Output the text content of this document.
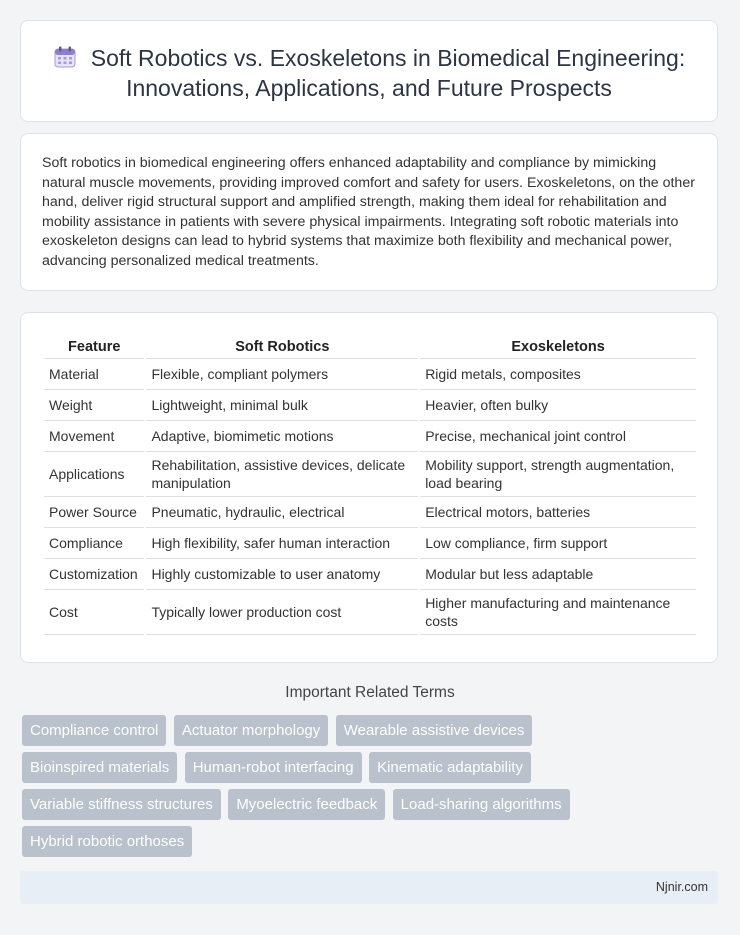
Soft Robotics vs. Exoskeletons in Biomedical Engineering: Innovations, Applications, and Future Prospects
Soft robotics in biomedical engineering offers enhanced adaptability and compliance by mimicking natural muscle movements, providing improved comfort and safety for users. Exoskeletons, on the other hand, deliver rigid structural support and amplified strength, making them ideal for rehabilitation and mobility assistance in patients with severe physical impairments. Integrating soft robotic materials into exoskeleton designs can lead to hybrid systems that maximize both flexibility and mechanical power, advancing personalized medical treatments.
Feature	Soft Robotics	Exoskeletons
Material	Flexible, compliant polymers	Rigid metals, composites
Weight	Lightweight, minimal bulk	Heavier, often bulky
Movement	Adaptive, biomimetic motions	Precise, mechanical joint control
Applications	Rehabilitation, assistive devices, delicate manipulation	Mobility support, strength augmentation, load bearing
Power Source	Pneumatic, hydraulic, electrical	Electrical motors, batteries
Compliance	High flexibility, safer human interaction	Low compliance, firm support
Customization	Highly customizable to user anatomy	Modular but less adaptable
Cost	Typically lower production cost	Higher manufacturing and maintenance costs
Important Related Terms
Compliance control Actuator morphology Wearable assistive devices
Bioinspired materials Human-robot interfacing Kinematic adaptability
Variable stiffness structures Myoelectric feedback Load-sharing algorithms
Hybrid robotic orthoses
Njnir.com
